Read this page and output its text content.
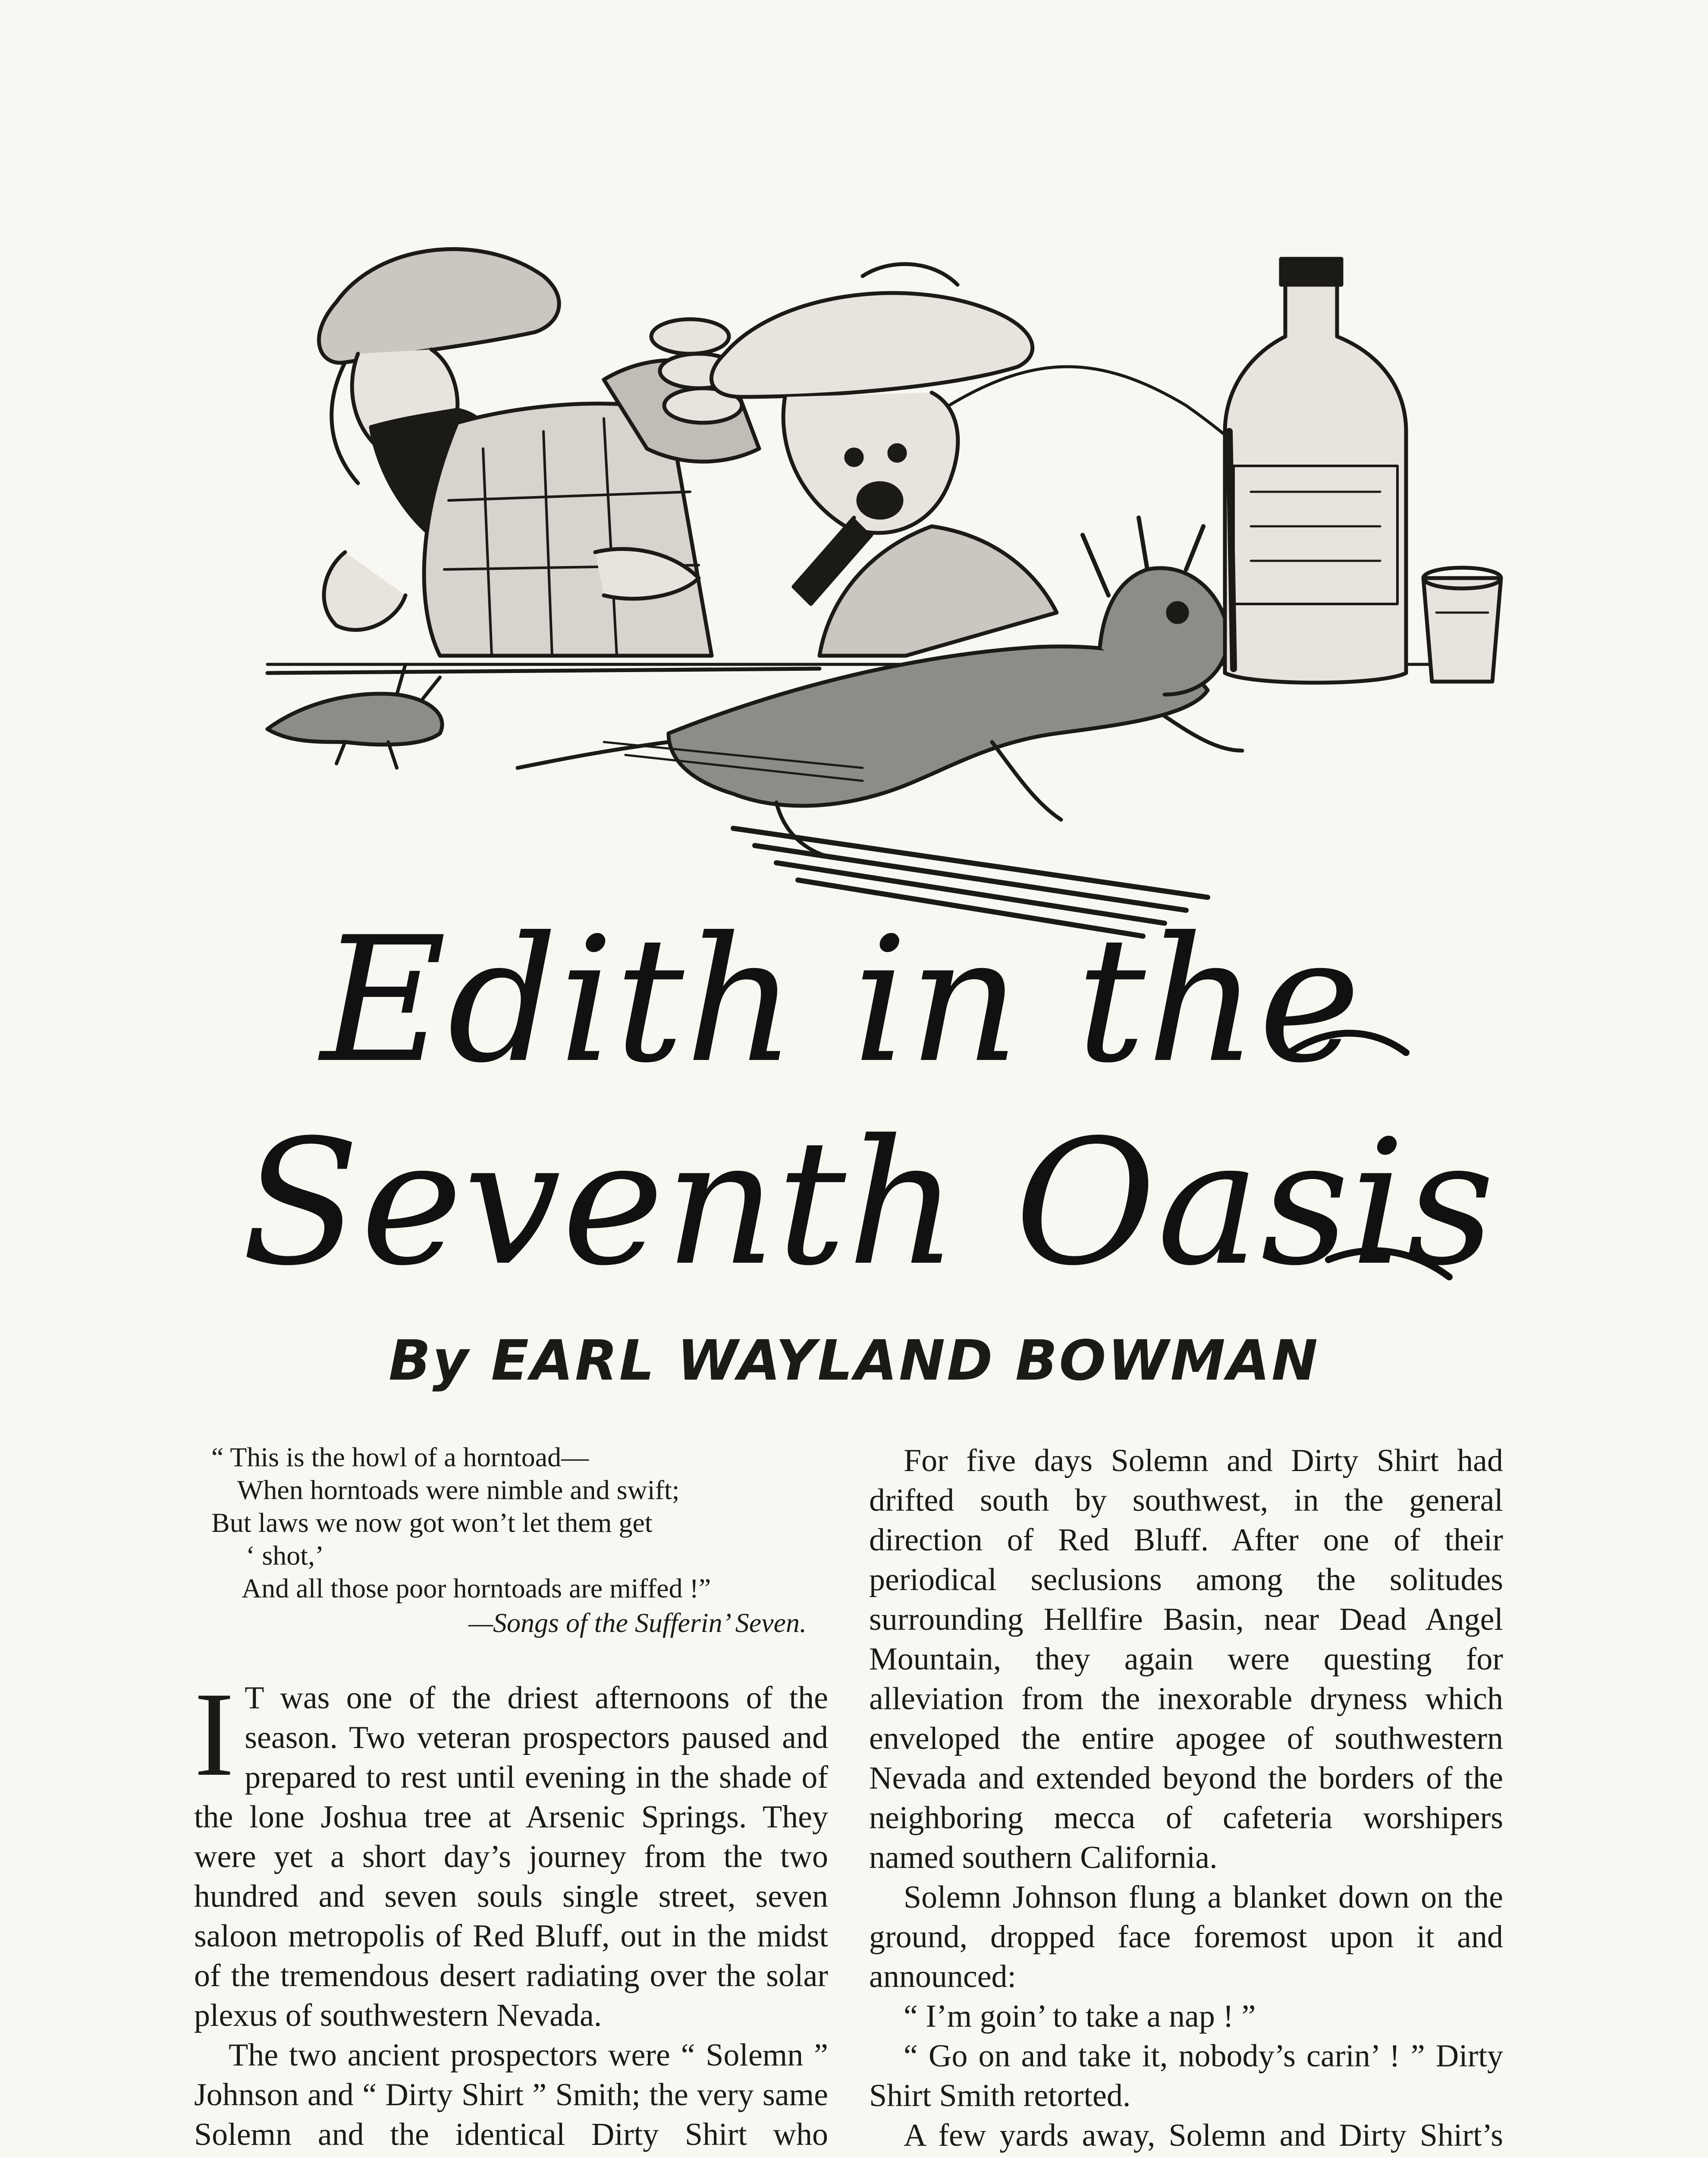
Edith in the
Seventh Oasis
By EARL WAYLAND BOWMAN
“ This is the howl of a horntoad—
When horntoads were nimble and swift;
But laws we now got won’t let them get
‘ shot,’
And all those poor horntoads are miffed !”
—Songs of the Sufferin’ Seven.

I T was one of the driest afternoons of the season. Two veteran prospectors paused and prepared to rest until evening in the shade of the lone Joshua tree at Arsenic Springs. They were yet a short day’s journey from the two hundred and seven souls single street, seven saloon metropolis of Red Bluff, out in the midst of the tremendous desert radiating over the solar plexus of southwestern Nevada.

The two ancient prospectors were “ Solemn ” Johnson and “ Dirty Shirt ” Smith; the very same Solemn and the identical Dirty Shirt who

For five days Solemn and Dirty Shirt had drifted south by southwest, in the general direction of Red Bluff. After one of their periodical seclusions among the solitudes surrounding Hellfire Basin, near Dead Angel Mountain, they again were questing for alleviation from the inexorable dryness which enveloped the entire apogee of southwestern Nevada and extended beyond the borders of the neighboring mecca of cafeteria worshipers named southern California.

Solemn Johnson flung a blanket down on the ground, dropped face foremost upon it and announced:

“ I’m goin’ to take a nap ! ”

“ Go on and take it, nobody’s carin’ ! ” Dirty Shirt Smith retorted.

A few yards away, Solemn and Dirty Shirt’s
